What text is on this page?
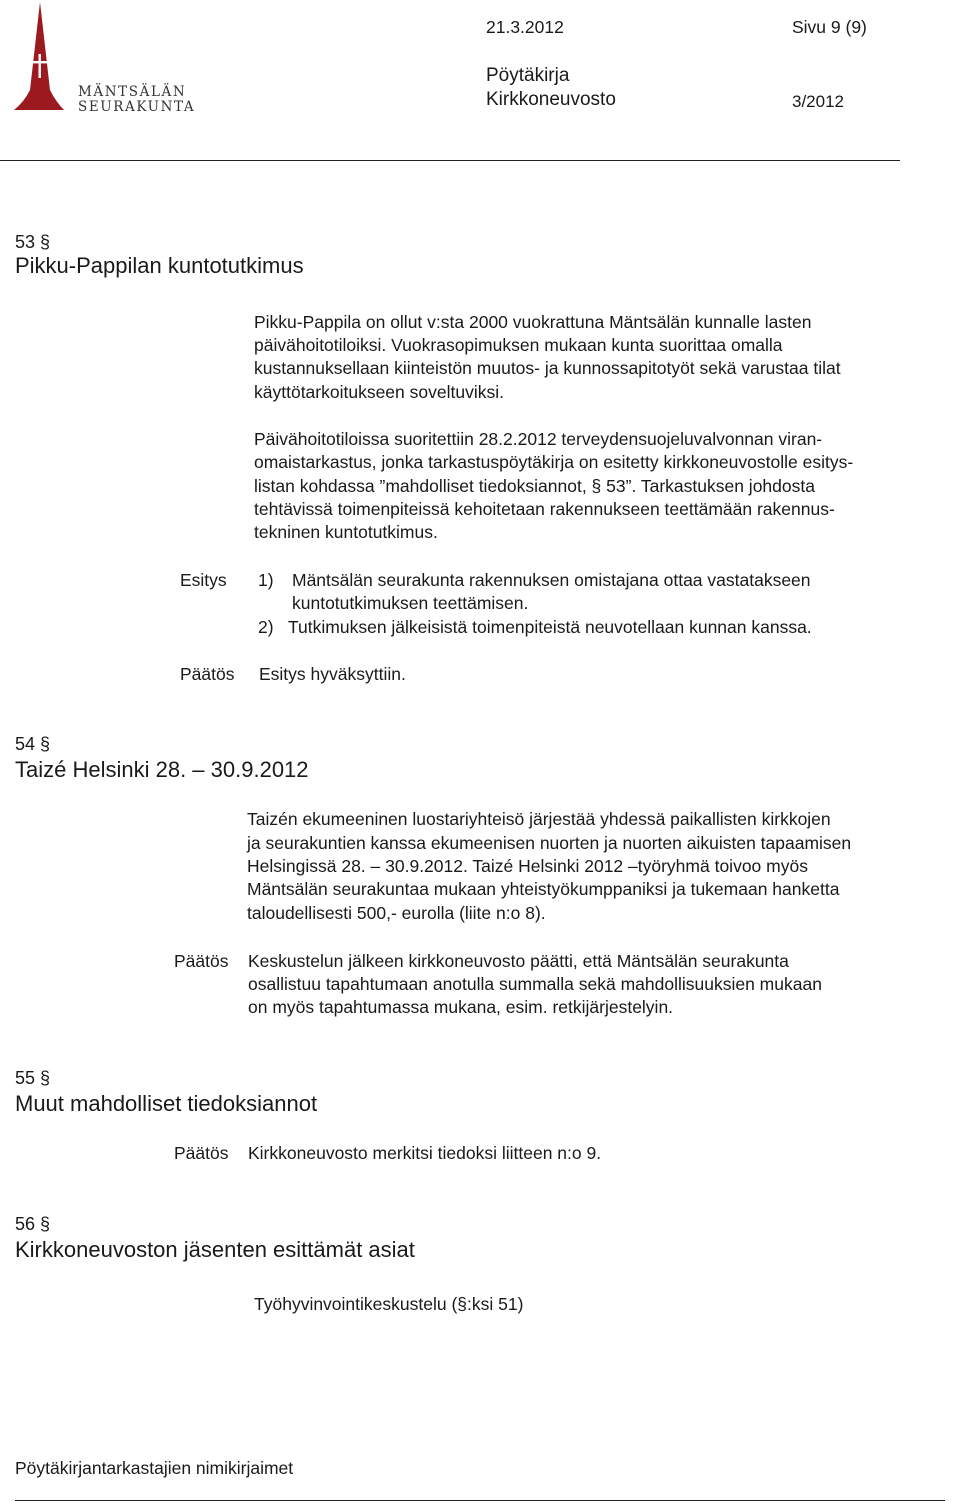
MÄNTSÄLÄN
SEURAKUNTA
21.3.2012	Sivu 9 (9)
Pöytäkirja
Kirkkoneuvosto	3/2012
53 §
Pikku-Pappilan kuntotutkimus
Pikku-Pappila on ollut v:sta 2000 vuokrattuna Mäntsälän kunnalle lasten
päivähoitotiloiksi. Vuokrasopimuksen mukaan kunta suorittaa omalla
kustannuksellaan kiinteistön muutos- ja kunnossapitotyöt sekä varustaa tilat
käyttötarkoitukseen soveltuviksi.
Päivähoitotiloissa suoritettiin 28.2.2012 terveydensuojeluvalvonnan viran-
omaistarkastus, jonka tarkastuspöytäkirja on esitetty kirkkoneuvostolle esitys-
listan kohdassa ”mahdolliset tiedoksiannot, § 53”. Tarkastuksen johdosta
tehtävissä toimenpiteissä kehoitetaan rakennukseen teettämään rakennus-
tekninen kuntotutkimus.
Esitys 1) Mäntsälän seurakunta rakennuksen omistajana ottaa vastatakseen
kuntotutkimuksen teettämisen.
2) Tutkimuksen jälkeisistä toimenpiteistä neuvotellaan kunnan kanssa.
Päätös Esitys hyväksyttiin.
54 §
Taizé Helsinki 28. – 30.9.2012
Taizén ekumeeninen luostariyhteisö järjestää yhdessä paikallisten kirkkojen
ja seurakuntien kanssa ekumeenisen nuorten ja nuorten aikuisten tapaamisen
Helsingissä 28. – 30.9.2012. Taizé Helsinki 2012 –työryhmä toivoo myös
Mäntsälän seurakuntaa mukaan yhteistyökumppaniksi ja tukemaan hanketta
taloudellisesti 500,- eurolla (liite n:o 8).
Päätös Keskustelun jälkeen kirkkoneuvosto päätti, että Mäntsälän seurakunta
osallistuu tapahtumaan anotulla summalla sekä mahdollisuuksien mukaan
on myös tapahtumassa mukana, esim. retkijärjestelyin.
55 §
Muut mahdolliset tiedoksiannot
Päätös Kirkkoneuvosto merkitsi tiedoksi liitteen n:o 9.
56 §
Kirkkoneuvoston jäsenten esittämät asiat
Työhyvinvointikeskustelu (§:ksi 51)
Pöytäkirjantarkastajien nimikirjaimet
